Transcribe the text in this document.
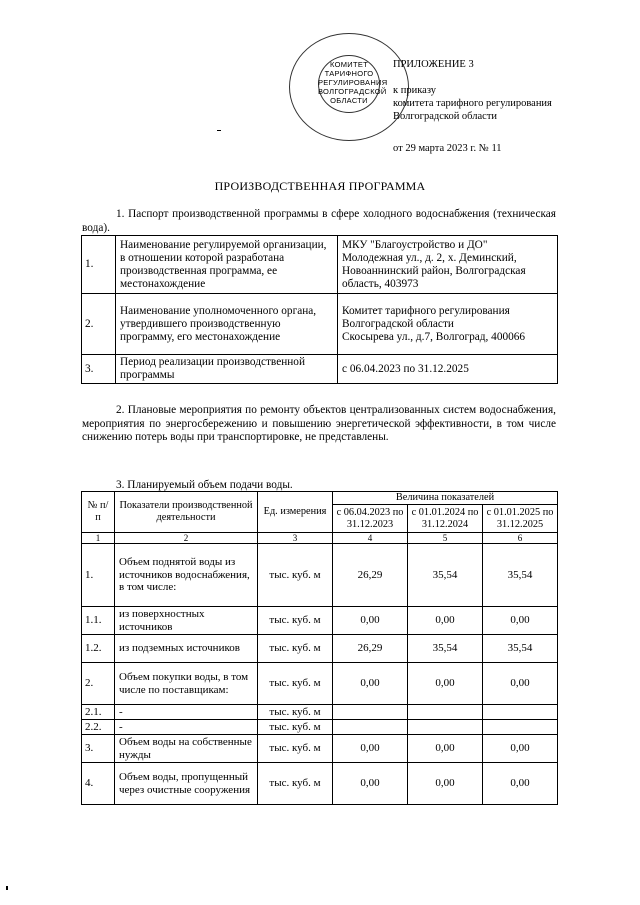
КОМИТЕТ
ТАРИФНОГО
РЕГУЛИРОВАНИЯ
ВОЛГОГРАДСКОЙ
ОБЛАСТИ
ПРИЛОЖЕНИЕ 3
к приказу
комитета тарифного регулирования
Волгоградской области
от 29 марта 2023 г. № 11
ПРОИЗВОДСТВЕННАЯ ПРОГРАММА
1. Паспорт производственной программы в сфере холодного водоснабжения (техническая вода).
1.	Наименование регулируемой организации, в отношении которой разработана производственная программа, ее местонахождение	МКУ "Благоустройство и ДО"
Молодежная ул., д. 2, х. Деминский, Новоаннинский район, Волгоградская область, 403973

2.	Наименование уполномоченного органа, утвердившего производственную программу, его местонахождение	Комитет тарифного регулирования Волгоградской области
Скосырева ул., д.7, Волгоград, 400066

3.	Период реализации производственной программы	с 06.04.2023 по 31.12.2025
2. Плановые мероприятия по ремонту объектов централизованных систем водоснабжения, мероприятия по энергосбережению и повышению энергетической эффективности, в том числе снижению потерь воды при транспортировке, не представлены.
3. Планируемый объем подачи воды.
№ п/п	Показатели производственной деятельности	Ед. измерения	Величина показателей		
			с 06.04.2023 по 31.12.2023	с 01.01.2024 по 31.12.2024	с 01.01.2025 по 31.12.2025
1	2	3	4	5	6
1.	Объем поднятой воды из источников водоснабжения, в том числе:	тыс. куб. м	26,29	35,54	35,54
1.1.	из поверхностных источников	тыс. куб. м	0,00	0,00	0,00
1.2.	из подземных источников	тыс. куб. м	26,29	35,54	35,54
2.	Объем покупки воды, в том числе по поставщикам:	тыс. куб. м	0,00	0,00	0,00
2.1.	-	тыс. куб. м			
2.2.	-	тыс. куб. м			
3.	Объем воды на собственные нужды	тыс. куб. м	0,00	0,00	0,00
4.	Объем воды, пропущенный через очистные сооружения	тыс. куб. м	0,00	0,00	0,00
